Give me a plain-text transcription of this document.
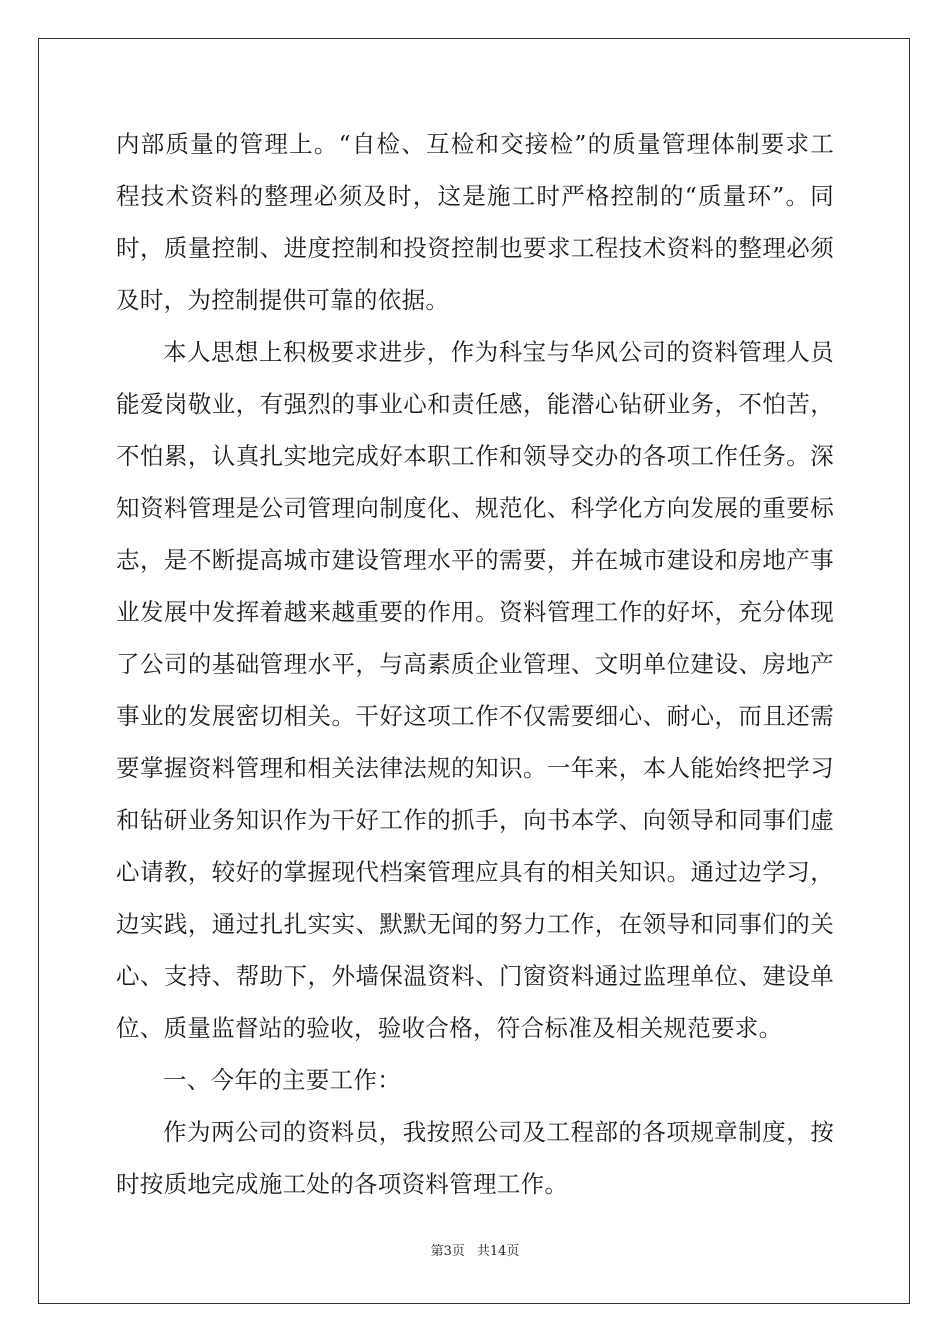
内部质量的管理上。“自检、互检和交接检”的质量管理体制要求工
程技术资料的整理必须及时，这是施工时严格控制的“质量环”。同
时，质量控制、进度控制和投资控制也要求工程技术资料的整理必须
及时，为控制提供可靠的依据。
本人思想上积极要求进步，作为科宝与华风公司的资料管理人员
能爱岗敬业，有强烈的事业心和责任感，能潜心钻研业务，不怕苦，
不怕累，认真扎实地完成好本职工作和领导交办的各项工作任务。深
知资料管理是公司管理向制度化、规范化、科学化方向发展的重要标
志，是不断提高城市建设管理水平的需要，并在城市建设和房地产事
业发展中发挥着越来越重要的作用。资料管理工作的好坏，充分体现
了公司的基础管理水平，与高素质企业管理、文明单位建设、房地产
事业的发展密切相关。干好这项工作不仅需要细心、耐心，而且还需
要掌握资料管理和相关法律法规的知识。一年来，本人能始终把学习
和钻研业务知识作为干好工作的抓手，向书本学、向领导和同事们虚
心请教，较好的掌握现代档案管理应具有的相关知识。通过边学习，
边实践，通过扎扎实实、默默无闻的努力工作，在领导和同事们的关
心、支持、帮助下，外墙保温资料、门窗资料通过监理单位、建设单
位、质量监督站的验收，验收合格，符合标准及相关规范要求。
一、今年的主要工作：
作为两公司的资料员，我按照公司及工程部的各项规章制度，按
时按质地完成施工处的各项资料管理工作。
第3页 共14页
